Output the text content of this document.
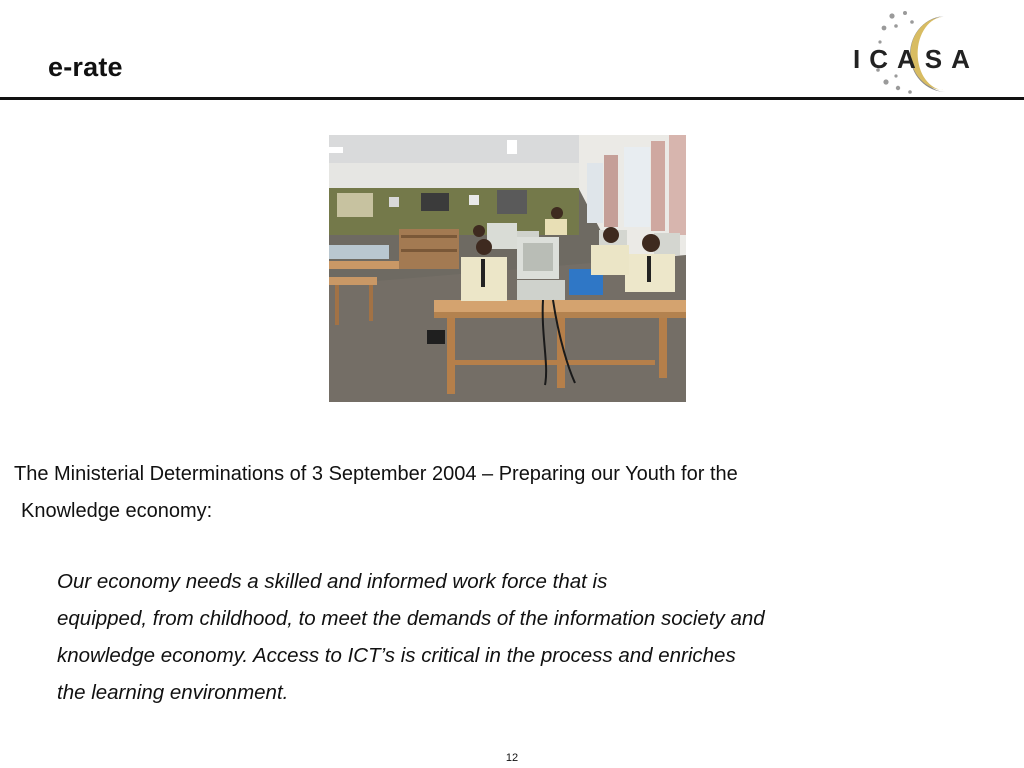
e-rate	ICASA

The Ministerial Determinations of 3 September 2004 – Preparing our Youth for the
Knowledge economy:

Our economy needs a skilled and informed work force that is
equipped, from childhood, to meet the demands of the information society and
knowledge economy. Access to ICT’s is critical in the process and enriches
the learning environment.

12
